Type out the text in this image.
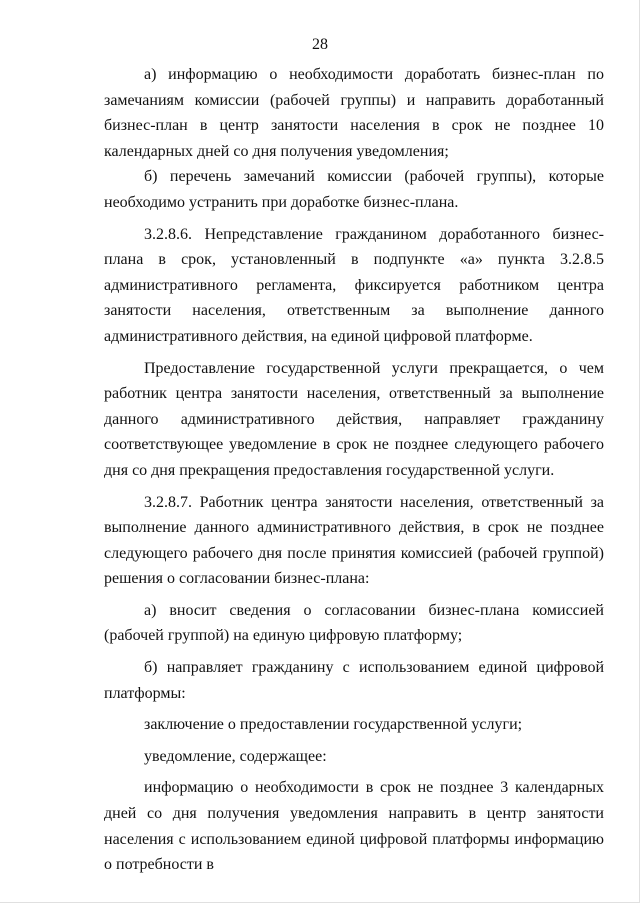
28

а) информацию о необходимости доработать бизнес-план по замечаниям комиссии (рабочей группы) и направить доработанный бизнес-план в центр занятости населения в срок не позднее 10 календарных дней со дня получения уведомления;

б) перечень замечаний комиссии (рабочей группы), которые необходимо устранить при доработке бизнес-плана.

3.2.8.6. Непредставление гражданином доработанного бизнес-плана в срок, установленный в подпункте «а» пункта 3.2.8.5 административного регламента, фиксируется работником центра занятости населения, ответственным за выполнение данного административного действия, на единой цифровой платформе.

Предоставление государственной услуги прекращается, о чем работник центра занятости населения, ответственный за выполнение данного административного действия, направляет гражданину соответствующее уведомление в срок не позднее следующего рабочего дня со дня прекращения предоставления государственной услуги.

3.2.8.7. Работник центра занятости населения, ответственный за выполнение данного административного действия, в срок не позднее следующего рабочего дня после принятия комиссией (рабочей группой) решения о согласовании бизнес-плана:

а) вносит сведения о согласовании бизнес-плана комиссией (рабочей группой) на единую цифровую платформу;

б) направляет гражданину с использованием единой цифровой платформы:

заключение о предоставлении государственной услуги;

уведомление, содержащее:

информацию о необходимости в срок не позднее 3 календарных дней со дня получения уведомления направить в центр занятости населения с использованием единой цифровой платформы информацию о потребности в
